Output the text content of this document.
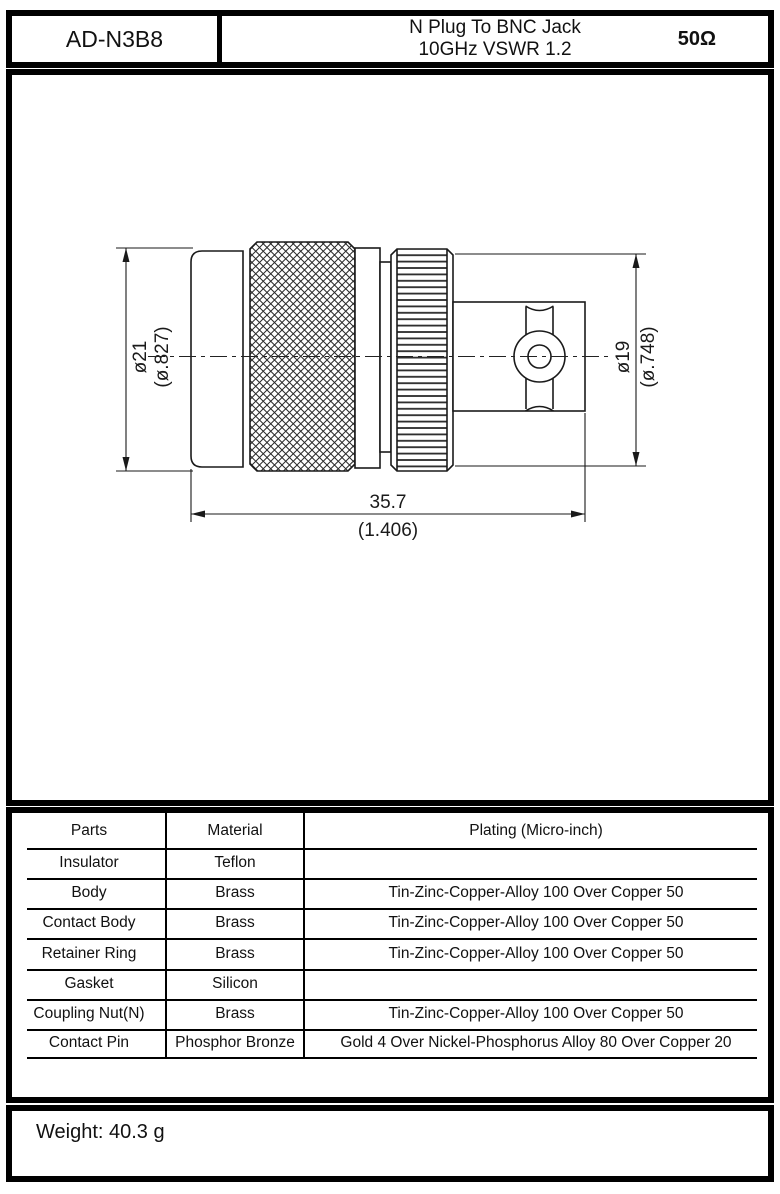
AD-N3B8	N Plug To BNC Jack
10GHz VSWR 1.2	50Ω
ø21 (ø.827)	ø19 (ø.748)
35.7
(1.406)
Parts	Material	Plating (Micro-inch)
Insulator	Teflon
Body	Brass	Tin-Zinc-Copper-Alloy 100 Over Copper 50
Contact Body	Brass	Tin-Zinc-Copper-Alloy 100 Over Copper 50
Retainer Ring	Brass	Tin-Zinc-Copper-Alloy 100 Over Copper 50
Gasket	Silicon
Coupling Nut(N)	Brass	Tin-Zinc-Copper-Alloy 100 Over Copper 50
Contact Pin	Phosphor Bronze	Gold 4 Over Nickel-Phosphorus Alloy 80 Over Copper 20
Weight: 40.3 g
